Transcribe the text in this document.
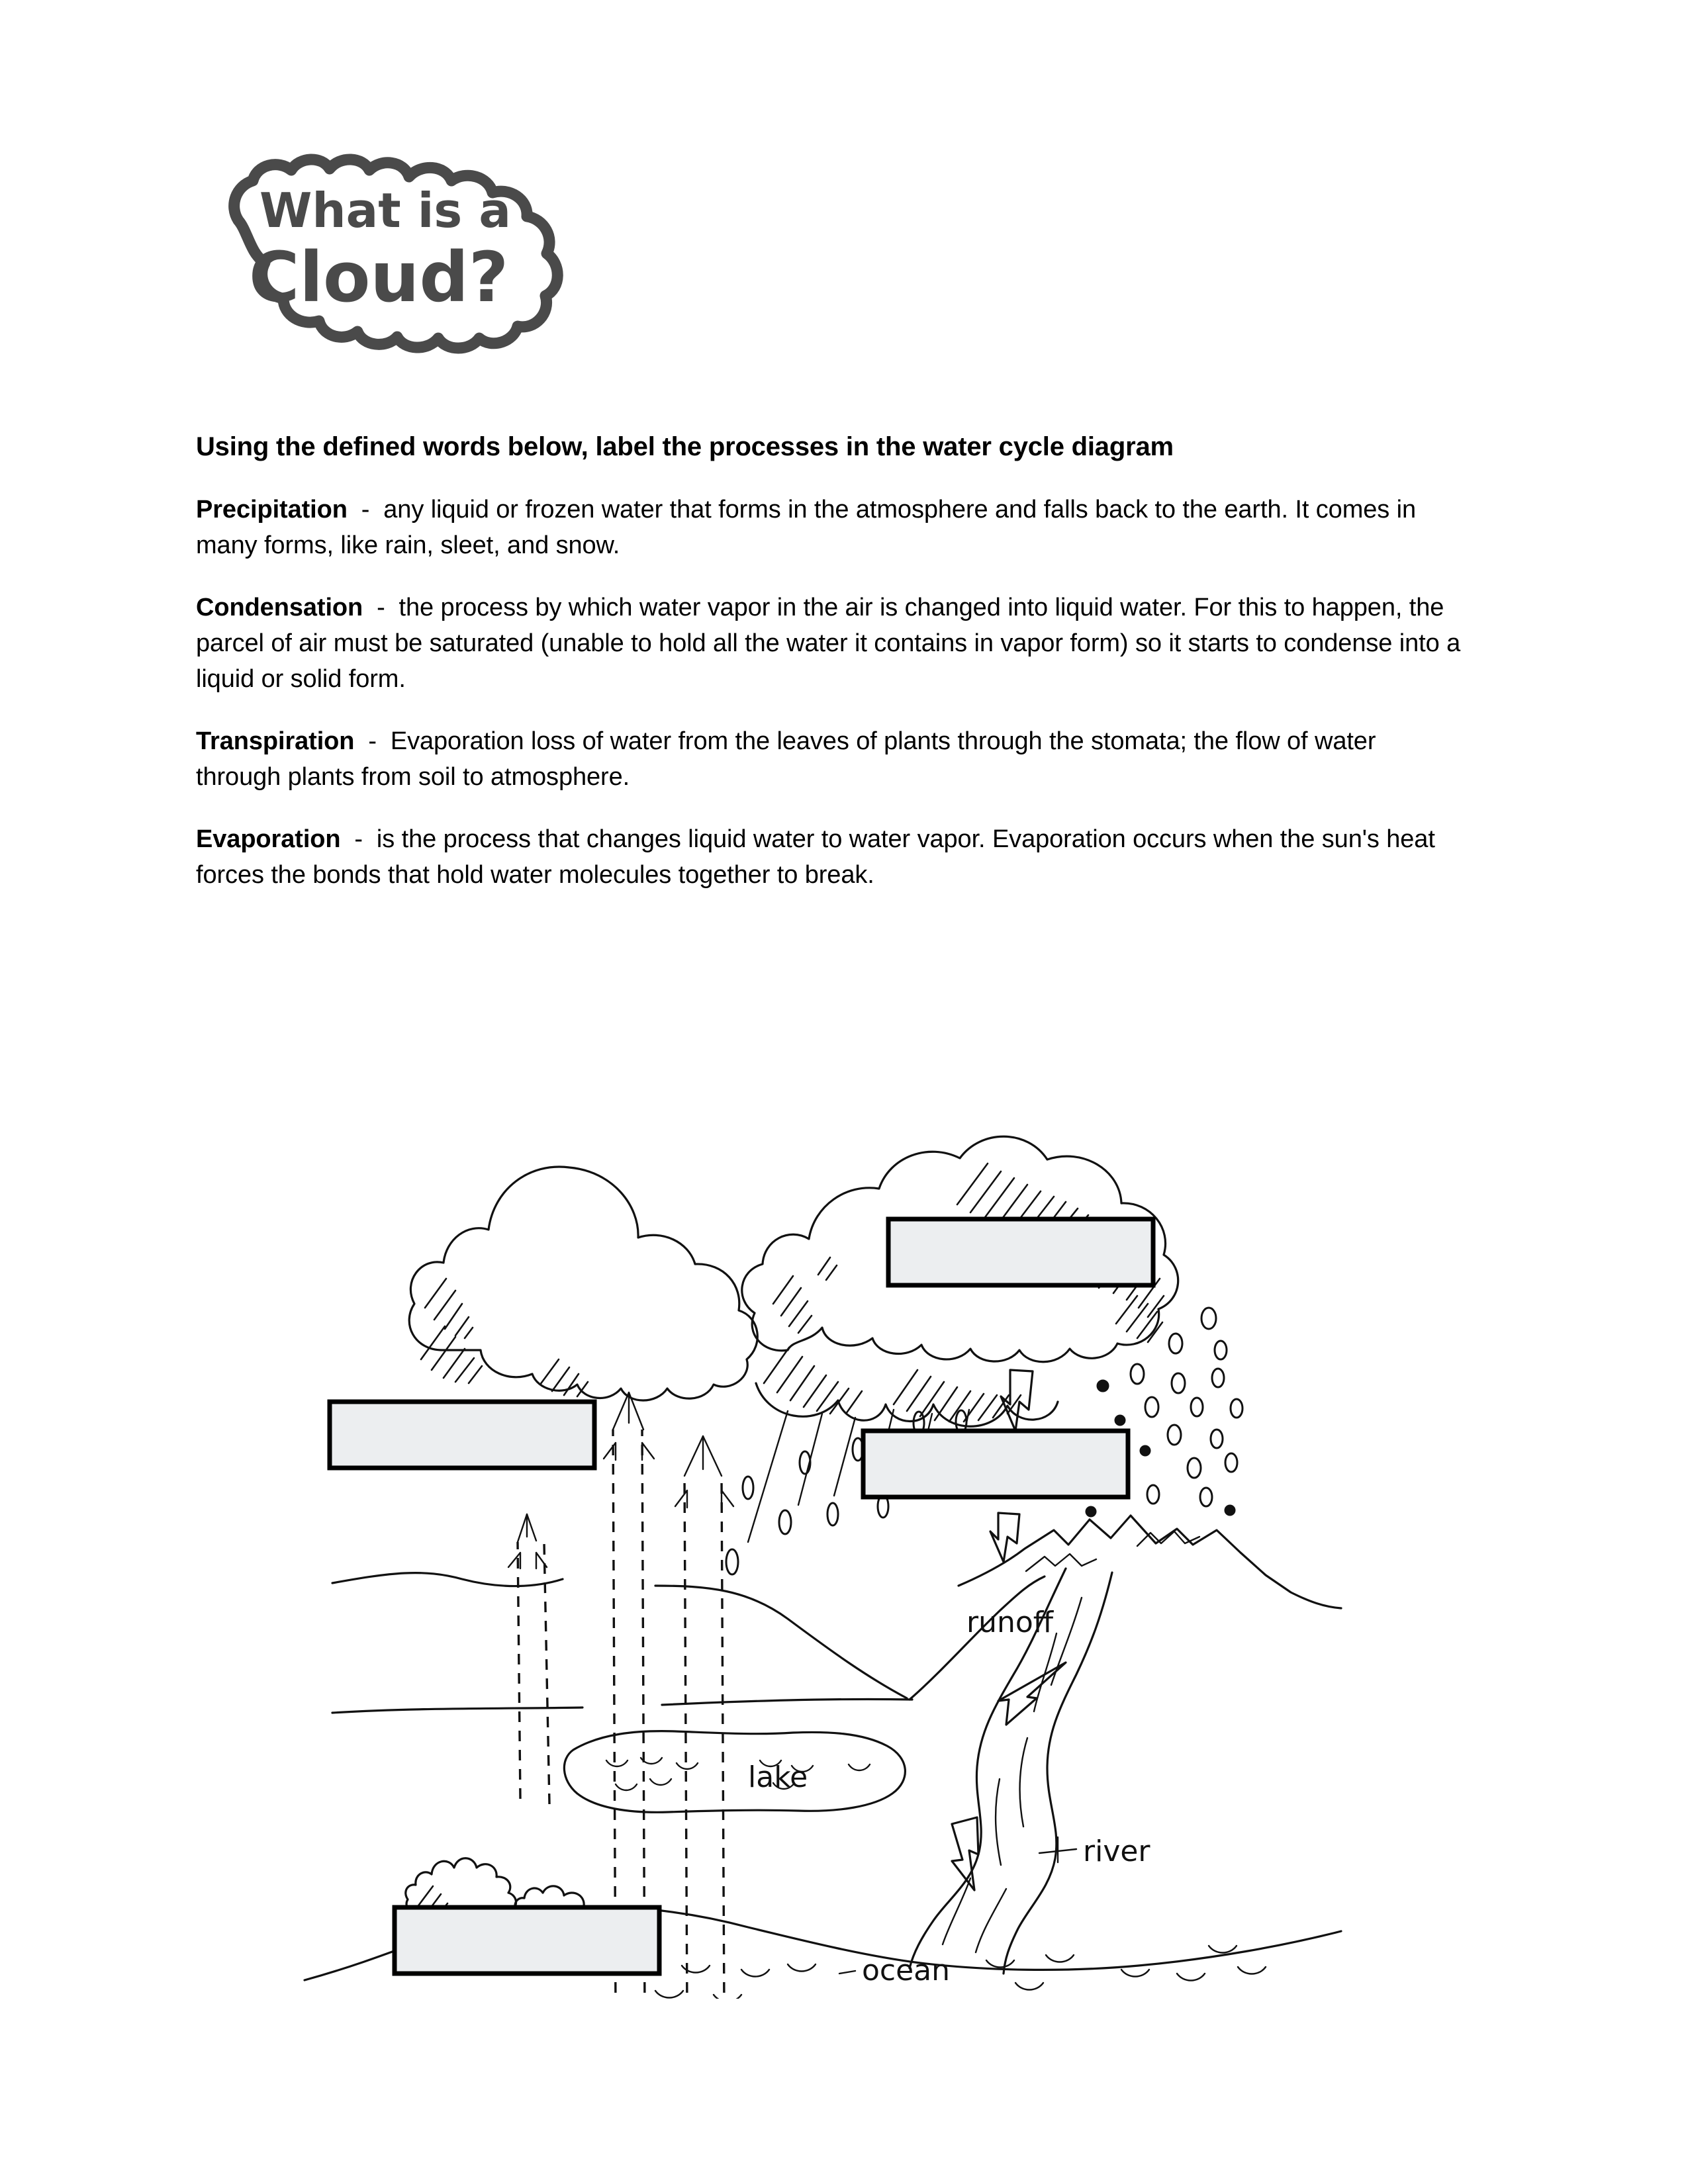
What is a
Cloud?

Using the defined words below, label the processes in the water cycle diagram

Precipitation - any liquid or frozen water that forms in the atmosphere and falls back to the earth. It comes in many forms, like rain, sleet, and snow.

Condensation - the process by which water vapor in the air is changed into liquid water. For this to happen, the parcel of air must be saturated (unable to hold all the water it contains in vapor form) so it starts to condense into a liquid or solid form.

Transpiration - Evaporation loss of water from the leaves of plants through the stomata; the flow of water through plants from soil to atmosphere.

Evaporation - is the process that changes liquid water to water vapor. Evaporation occurs when the sun's heat forces the bonds that hold water molecules together to break.

runoff
lake
river
ocean
